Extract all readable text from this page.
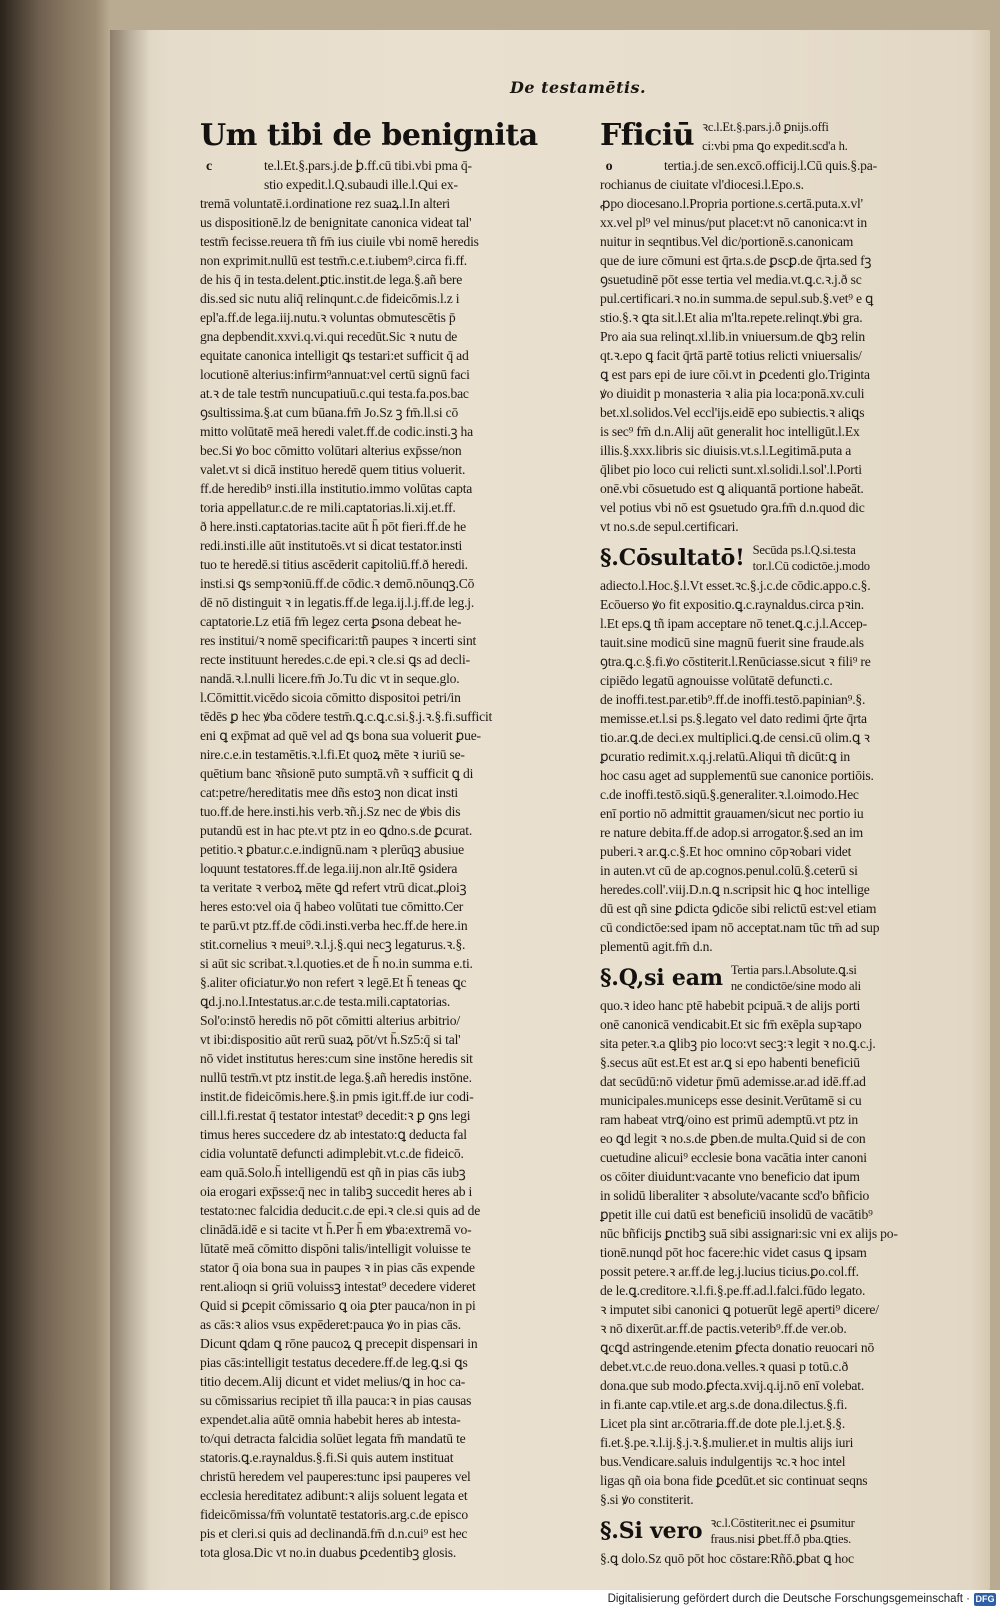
De testamētis.
Um tibi de benignita
c	te.l.Et.§.pars.j.de ꝧ.ff.cū tibi.vbi pma q̄-
stio expedit.l.Q.subaudi ille.l.Qui ex-
tremā voluntatē.i.ordinatione rez suaꝝ.l.In alteri
us dispositionē.lz de benignitate canonica videat tal'
testm̄ fecisse.reuera tñ fm̄ ius ciuile vbi nomē heredis
non exprimit.nullū est testm̄.c.e.t.iubem⁹.circa fi.ff.
de his q̄ in testa.delent.ꝑtic.instit.de lega.§.añ bere
dis.sed sic nutu aliq̄ relinqunt.c.de fideicōmis.l.z i
epl'a.ff.de lega.iij.nutu.ꝛ voluntas obmutescētis p̄
gna depbendit.xxvi.q.vi.qui recedūt.Sic ꝛ nutu de
equitate canonica intelligit ꝗs testari:et sufficit q̄ ad
locutionē alterius:infirm⁹annuat:vel certū signū faci
at.ꝛ de tale testm̄ nuncupatiuū.c.qui testa.fa.pos.bac
ꝯsultissima.§.at cum būana.fm̄ Jo.Sz ꝫ fm̄.ll.si cō
mitto volūtatē meā heredi valet.ff.de codic.insti.ꝫ ha
bec.Si ꝟo boc cōmitto volūtari alterius exp̄sse/non
valet.vt si dicā instituo heredē quem titius voluerit.
ff.de heredib⁹ insti.illa institutio.immo volūtas capta
toria appellatur.c.de re mili.captatorias.li.xij.et.ff.
ð here.insti.captatorias.tacite aūt h̄ pōt fieri.ff.de he
redi.insti.ille aūt institutoēs.vt si dicat testator.insti
tuo te heredē.si titius ascēderit capitoliū.ff.ð heredi.
insti.si ꝗs sempꝛoniū.ff.de cōdic.ꝛ demō.nōunqꝫ.Cō
dē nō distinguit ꝛ in legatis.ff.de lega.ij.l.j.ff.de leg.j.
captatorie.Lz etiā fm̄ legez certa ꝑsona debeat he-
res institui/ꝛ nomē specificari:tñ paupes ꝛ incerti sint
recte instituunt heredes.c.de epi.ꝛ cle.si ꝗs ad decli-
nandā.ꝛ.l.nulli licere.fm̄ Jo.Tu dic vt in seque.glo.
l.Cōmittit.vicēdo sicoia cōmitto dispositoi petri/in
tēdēs ꝑ hec ꝟba cōdere testm̄.ꝗ.c.ꝗ.c.si.§.j.ꝛ.§.fi.sufficit
eni ꝗ exp̄mat ad quē vel ad ꝗs bona sua voluerit ꝑue-
nire.c.e.in testamētis.ꝛ.l.fi.Et quoꝝ mēte ꝛ iuriū se-
quētium banc ꝛñsionē puto sumptā.vñ ꝛ sufficit ꝗ di
cat:petre/hereditatis mee dñs estoꝫ non dicat insti
tuo.ff.de here.insti.his verb.ꝛñ.j.Sz nec de ꝟbis dis
putandū est in hac pte.vt ptz in eo ꝗdno.s.de ꝑcurat.
petitio.ꝛ ꝑbatur.c.e.indignū.nam ꝛ plerūqꝫ abusiue
loquunt testatores.ff.de lega.iij.non alr.Itē ꝯsidera
ta veritate ꝛ verboꝝ mēte ꝗd refert vtrū dicat.ꝓloiꝫ
heres esto:vel oia q̄ habeo volūtati tue cōmitto.Cer
te parū.vt ptz.ff.de cōdi.insti.verba hec.ff.de here.in
stit.cornelius ꝛ meui⁹.ꝛ.l.j.§.qui necꝫ legaturus.ꝛ.§.
si aūt sic scribat.ꝛ.l.quoties.et de h̄ no.in summa e.ti.
§.aliter oficiatur.ꝟo non refert ꝛ legē.Et h̄ teneas ꝗc
ꝗd.j.no.l.Intestatus.ar.c.de testa.mili.captatorias.
Sol'o:instō heredis nō pōt cōmitti alterius arbitrio/
vt ibi:dispositio aūt rerū suaꝝ pōt/vt h̄.Sz5:q̄ si tal'
nō videt institutus heres:cum sine instōne heredis sit
nullū testm̄.vt ptz instit.de lega.§.añ heredis instōne.
instit.de fideicōmis.here.§.in pmis igit.ff.de iur codi-
cill.l.fi.restat q̄ testator intestat⁹ decedit:ꝛ ꝑ ꝯns legi
timus heres succedere dz ab intestato:ꝗ deducta fal
cidia voluntatē defuncti adimplebit.vt.c.de fideicō.
eam quā.Solo.h̄ intelligendū est qñ in pias cās iubꝫ
oia erogari exp̄sse:q̄ nec in talibꝫ succedit heres ab i
testato:nec falcidia deducit.c.de epi.ꝛ cle.si quis ad de
clinādā.idē e si tacite vt h̄.Per h̄ em ꝟba:extremā vo-
lūtatē meā cōmitto dispōni talis/intelligit voluisse te
stator q̄ oia bona sua in paupes ꝛ in pias cās expende
rent.alioqn si ꝯriū voluissꝫ intestat⁹ decedere videret
Quid si ꝑcepit cōmissario ꝗ oia ꝑter pauca/non in pi
as cās:ꝛ alios vsus expēderet:pauca ꝟo in pias cās.
Dicunt ꝗdam ꝗ rōne paucoꝝ ꝗ precepit dispensari in
pias cās:intelligit testatus decedere.ff.de leg.ꝗ.si ꝗs
titio decem.Alij dicunt et videt melius/ꝗ in hoc ca-
su cōmissarius recipiet tñ illa pauca:ꝛ in pias causas
expendet.alia aūtē omnia habebit heres ab intesta-
to/qui detracta falcidia solūet legata fm̄ mandatū te
statoris.ꝗ.e.raynaldus.§.fi.Si quis autem instituat
christū heredem vel pauperes:tunc ipsi pauperes vel
ecclesia hereditatez adibunt:ꝛ alijs soluent legata et
fideicōmissa/fm̄ voluntatē testatoris.arg.c.de episco
pis et cleri.si quis ad declinandā.fm̄ d.n.cui⁹ est hec
tota glosa.Dic vt no.in duabus ꝑcedentibꝫ glosis.
Fficiū ꝛc.l.Et.§.pars.j.ð ꝑnijs.offi
ci:vbi pma ꝗo expedit.scd'a h.
o	tertia.j.de sen.excō.officij.l.Cū quis.§.pa-
rochianus de ciuitate vl'diocesi.l.Epo.s.
ꝓpo diocesano.l.Propria portione.s.certā.puta.x.vl'
xx.vel pl⁹ vel minus/put placet:vt nō canonica:vt in
nuitur in seqntibus.Vel dic/portionē.s.canonicam
que de iure cōmuni est q̄rta.s.de ꝑscꝑ.de q̄rta.sed fꝫ
ꝯsuetudinē pōt esse tertia vel media.vt.ꝗ.c.ꝛ.j.ð sc
pul.certificari.ꝛ no.in summa.de sepul.sub.§.vet⁹ e ꝗ
stio.§.ꝛ ꝗta sit.l.Et alia m'lta.repete.relinqt.ꝟbi gra.
Pro aia sua relinqt.xl.lib.in vniuersum.de ꝗbꝫ relin
qt.ꝛ.epo ꝗ facit q̄rtā partē totius relicti vniuersalis/
ꝗ est pars epi de iure cōi.vt in ꝑcedenti glo.Triginta
ꝟo diuidit p monasteria ꝛ alia pia loca:ponā.xv.culi
bet.xl.solidos.Vel eccl'ijs.eidē epo subiectis.ꝛ aliꝗs
is sec⁹ fm̄ d.n.Alij aūt generalit hoc intelligūt.l.Ex
illis.§.xxx.libris sic diuisis.vt.s.l.Legitimā.puta a
q̄libet pio loco cui relicti sunt.xl.solidi.l.sol'.l.Porti
onē.vbi cōsuetudo est ꝗ aliquantā portione habeāt.
vel potius vbi nō est ꝯsuetudo ꝯra.fm̄ d.n.quod dic
vt no.s.de sepul.certificari.
§.Cōsultatō! Secūda ps.l.Q.si.testa
tor.l.Cū codictōe.j.modo
adiecto.l.Hoc.§.l.Vt esset.ꝛc.§.j.c.de cōdic.appo.c.§.
Ecōuerso ꝟo fit expositio.ꝗ.c.raynaldus.circa pꝛin.
l.Et eps.ꝗ tñ ipam acceptare nō tenet.ꝗ.c.j.l.Accep-
tauit.sine modicū sine magnū fuerit sine fraude.als
ꝯtra.ꝗ.c.§.fi.ꝟo cōstiterit.l.Renūciasse.sicut ꝛ fili⁹ re
cipiēdo legatū agnouisse volūtatē defuncti.c.
de inoffi.test.par.etib⁹.ff.de inoffi.testō.papinian⁹.§.
memisse.et.l.si ps.§.legato vel dato redimi q̄rte q̄rta
tio.ar.ꝗ.de deci.ex multiplici.ꝗ.de censi.cū olim.ꝗ ꝛ
ꝑcuratio redimit.x.q.j.relatū.Aliqui tñ dicūt:ꝗ in
hoc casu aget ad supplementū sue canonice portiōis.
c.de inoffi.testō.siqū.§.generaliter.ꝛ.l.oimodo.Hec
enī portio nō admittit grauamen/sicut nec portio iu
re nature debita.ff.de adop.si arrogator.§.sed an im
puberi.ꝛ ar.ꝗ.c.§.Et hoc omnino cōpꝛobari videt
in auten.vt cū de ap.cognos.penul.colū.§.ceterū si
heredes.coll'.viij.D.n.ꝗ n.scripsit hic ꝗ hoc intellige
dū est qñ sine ꝑdicta ꝯdicōe sibi relictū est:vel etiam
cū condictōe:sed ipam nō acceptat.nam tūc tm̄ ad sup
plementū agit.fm̄ d.n.
§.Q,si eam Tertia pars.l.Absolute.ꝗ.si
ne condictōe/sine modo ali
quo.ꝛ ideo hanc ptē habebit pcipuā.ꝛ de alijs porti
onē canonicā vendicabit.Et sic fm̄ exēpla supꝛapo
sita peter.ꝛ.a ꝗlibꝫ pio loco:vt secꝫ:ꝛ legit ꝛ no.ꝗ.c.j.
§.secus aūt est.Et est ar.ꝗ si epo habenti beneficiū
dat secūdū:nō videtur p̄mū ademisse.ar.ad idē.ff.ad
municipales.municeps esse desinit.Verūtamē si cu
ram habeat vtrꝗ/oino est primū ademptū.vt ptz in
eo ꝗd legit ꝛ no.s.de ꝑben.de multa.Quid si de con
cuetudine alicui⁹ ecclesie bona vacātia inter canoni
os cōiter diuidunt:vacante vno beneficio dat ipum
in solidū liberaliter ꝛ absolute/vacante scd'o bñficio
ꝑpetit ille cui datū est beneficiū insolidū de vacātib⁹
nūc bñficijs ꝑnctibꝫ suā sibi assignari:sic vni ex alijs po-
tionē.nunqd pōt hoc facere:hic videt casus ꝗ ipsam
possit petere.ꝛ ar.ff.de leg.j.lucius ticius.ꝑo.col.ff.
de le.ꝗ.creditore.ꝛ.l.fi.§.pe.ff.ad.l.falci.fūdo legato.
ꝛ imputet sibi canonici ꝗ potuerūt legē aperti⁹ dicere/
ꝛ nō dixerūt.ar.ff.de pactis.veterib⁹.ff.de ver.ob.
ꝗcꝗd astringende.etenim ꝑfecta donatio reuocari nō
debet.vt.c.de reuo.dona.velles.ꝛ quasi p totū.c.ð
dona.que sub modo.ꝑfecta.xvij.q.ij.nō enī volebat.
in fi.ante cap.vtile.et arg.s.de dona.dilectus.§.fi.
Licet pla sint ar.cōtraria.ff.de dote ple.l.j.et.§.§.
fi.et.§.pe.ꝛ.l.ij.§.j.ꝛ.§.mulier.et in multis alijs iuri
bus.Vendicare.saluis indulgentijs ꝛc.ꝛ hoc intel
ligas qñ oia bona fide ꝑcedūt.et sic continuat seqns
§.si ꝟo constiterit.
§.Si vero ꝛc.l.Cōstiterit.nec ei ꝑsumitur
fraus.nisi ꝑbet.ff.ð pba.ꝗties.
§.ꝗ dolo.Sz quō pōt hoc cōstare:Rñō.ꝑbat ꝗ hoc
Digitalisierung gefördert durch die Deutsche Forschungsgemeinschaft · DFG
